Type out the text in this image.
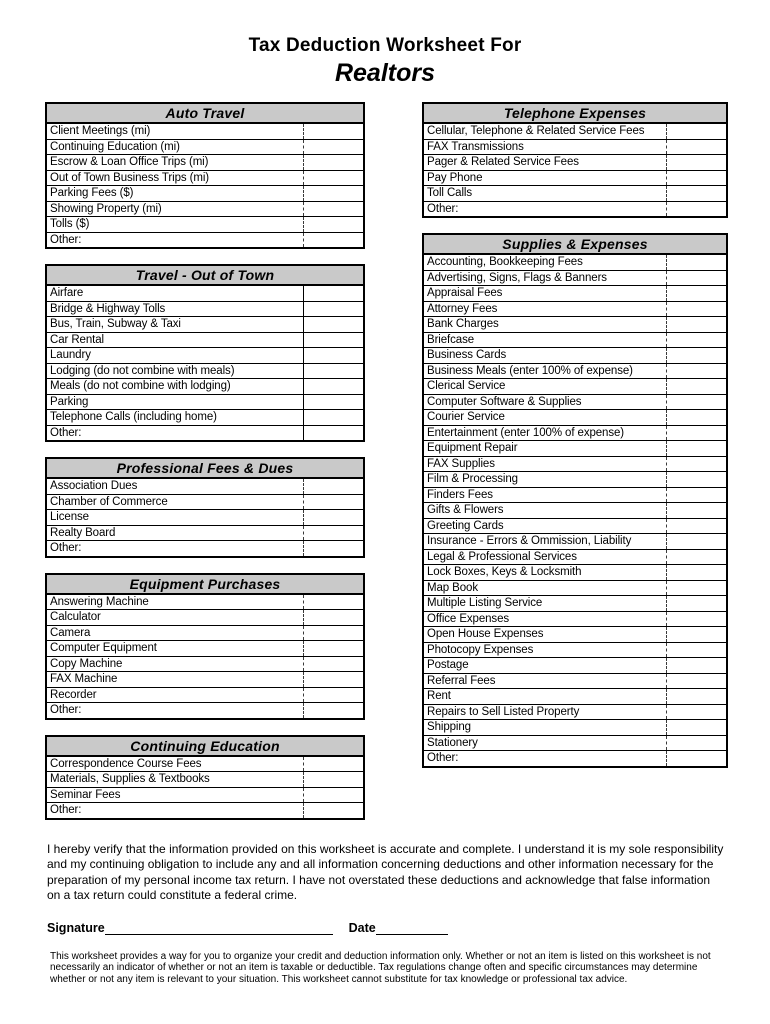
Tax Deduction Worksheet For
Realtors
Auto Travel
Client Meetings (mi)
Continuing Education (mi)
Escrow & Loan Office Trips (mi)
Out of Town Business Trips (mi)
Parking Fees ($)
Showing Property (mi)
Tolls ($)
Other:
Travel - Out of Town
Airfare
Bridge & Highway Tolls
Bus, Train, Subway & Taxi
Car Rental
Laundry
Lodging (do not combine with meals)
Meals (do not combine with lodging)
Parking
Telephone Calls (including home)
Other:
Professional Fees & Dues
Association Dues
Chamber of Commerce
License
Realty Board
Other:
Equipment Purchases
Answering Machine
Calculator
Camera
Computer Equipment
Copy Machine
FAX Machine
Recorder
Other:
Continuing Education
Correspondence Course Fees
Materials, Supplies & Textbooks
Seminar Fees
Other:
Telephone Expenses
Cellular, Telephone & Related Service Fees
FAX Transmissions
Pager & Related Service Fees
Pay Phone
Toll Calls
Other:
Supplies & Expenses
Accounting, Bookkeeping Fees
Advertising, Signs, Flags & Banners
Appraisal Fees
Attorney Fees
Bank Charges
Briefcase
Business Cards
Business Meals (enter 100% of expense)
Clerical Service
Computer Software & Supplies
Courier Service
Entertainment (enter 100% of expense)
Equipment Repair
FAX Supplies
Film & Processing
Finders Fees
Gifts & Flowers
Greeting Cards
Insurance - Errors & Ommission, Liability
Legal & Professional Services
Lock Boxes, Keys & Locksmith
Map Book
Multiple Listing Service
Office Expenses
Open House Expenses
Photocopy Expenses
Postage
Referral Fees
Rent
Repairs to Sell Listed Property
Shipping
Stationery
Other:

I hereby verify that the information provided on this worksheet is accurate and complete. I understand it is my sole responsibility and my continuing obligation to include any and all information concerning deductions and other information necessary for the preparation of my personal income tax return. I have not overstated these deductions and acknowledge that false information on a tax return could constitute a federal crime.

Signature	Date

This worksheet provides a way for you to organize your credit and deduction information only. Whether or not an item is listed on this worksheet is not necessarily an indicator of whether or not an item is taxable or deductible. Tax regulations change often and specific circumstances may determine whether or not any item is relevant to your situation. This worksheet cannot substitute for tax knowledge or professional tax advice.
